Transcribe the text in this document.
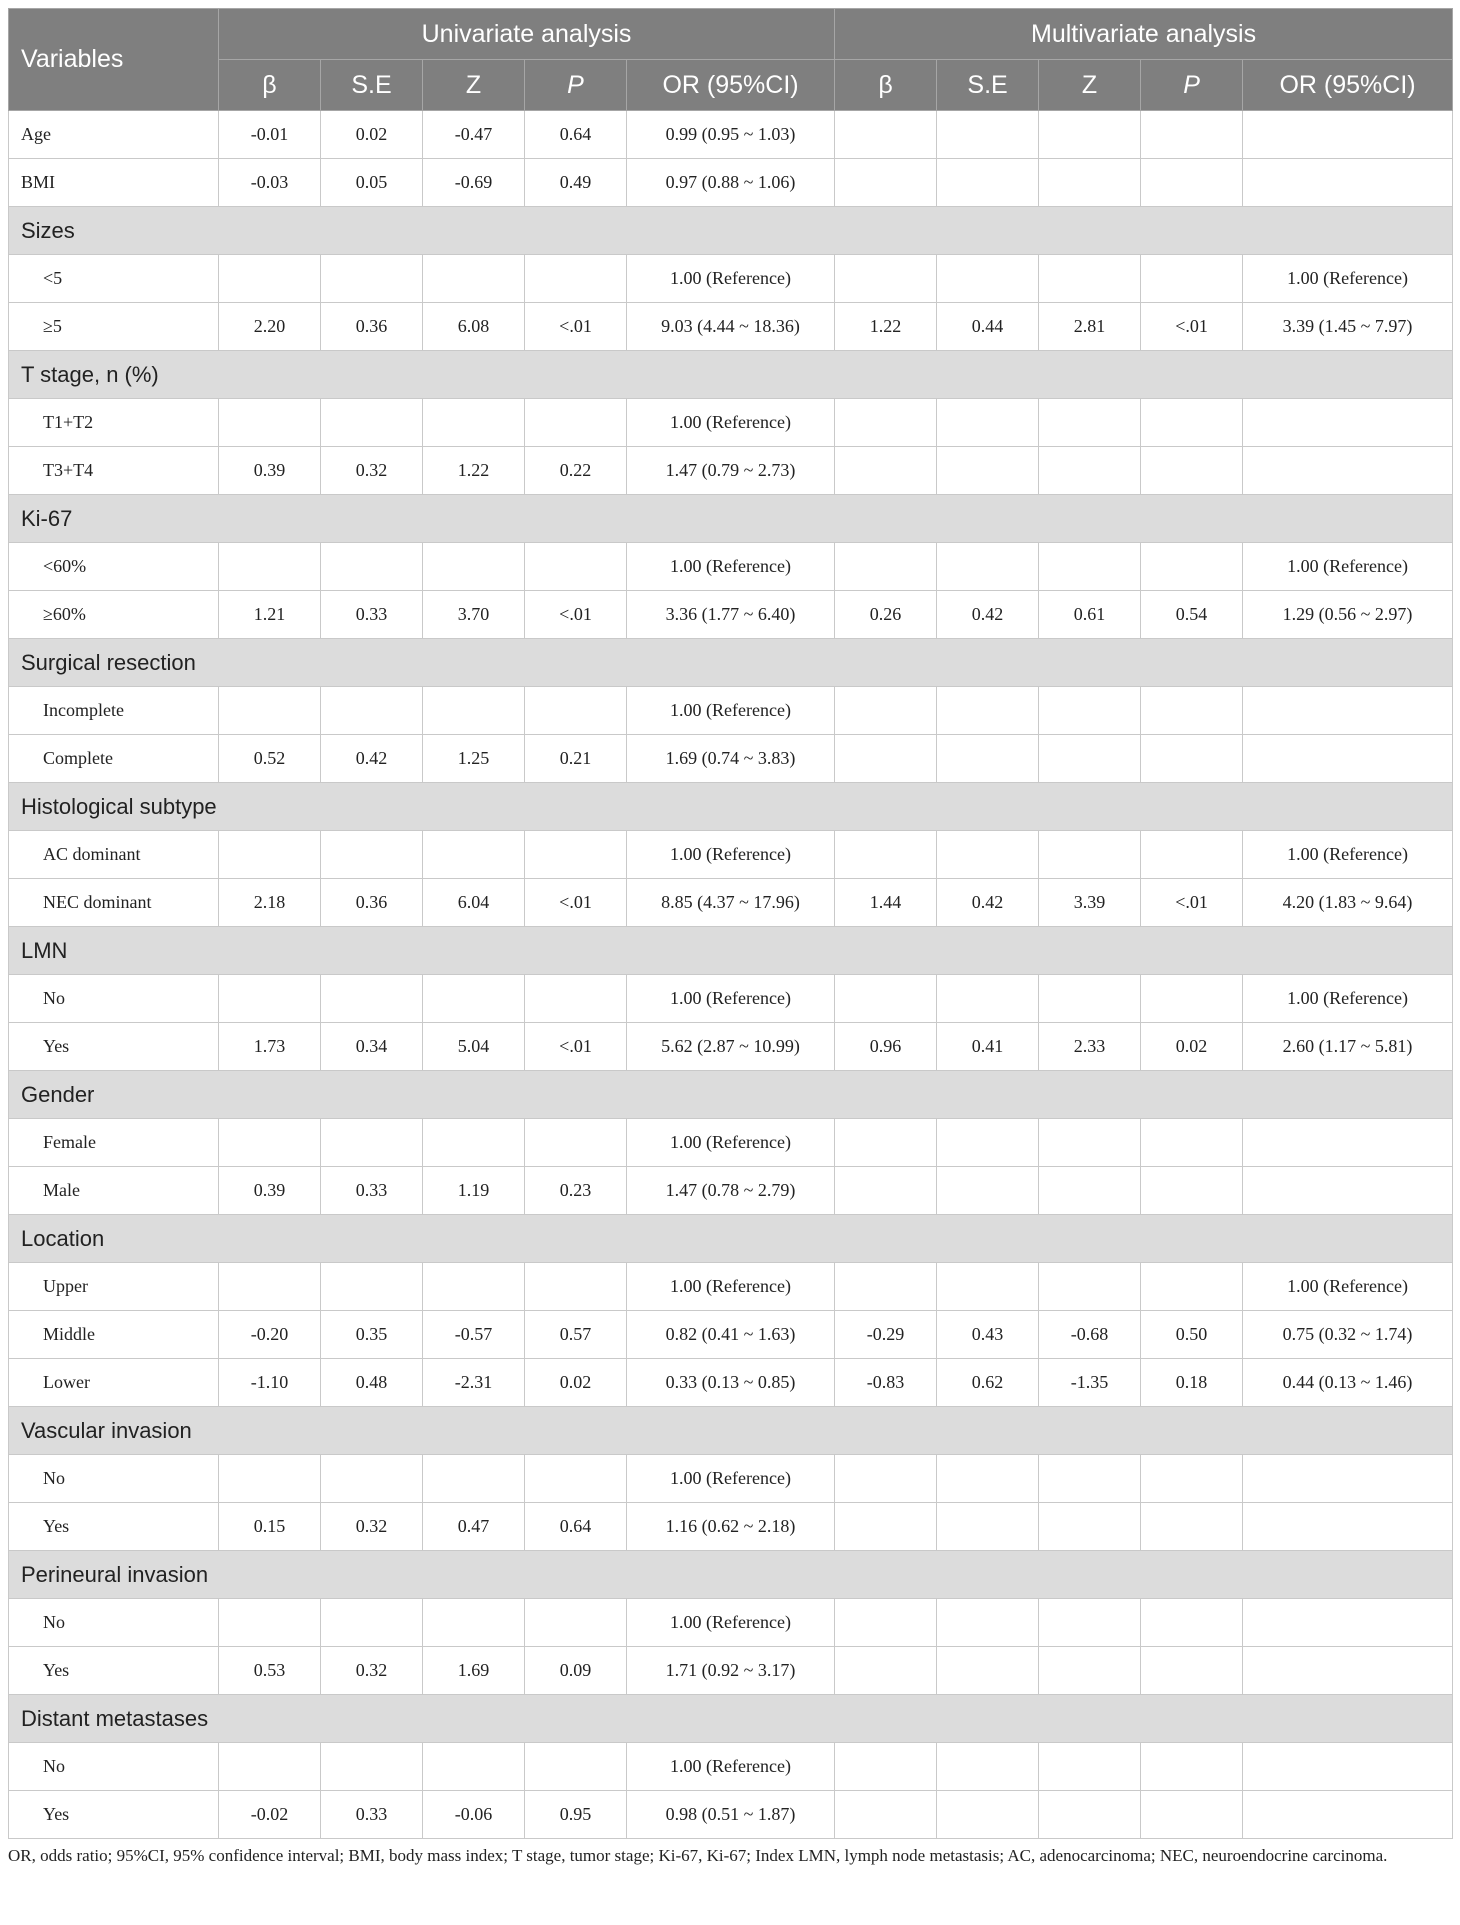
Variables	Univariate analysis					Multivariate analysis				
	β	S.E	Z	P	OR (95%CI)	β	S.E	Z	P	OR (95%CI)
Age	-0.01	0.02	-0.47	0.64	0.99 (0.95 ~ 1.03)					
BMI	-0.03	0.05	-0.69	0.49	0.97 (0.88 ~ 1.06)					
Sizes										
<5					1.00 (Reference)					1.00 (Reference)
≥5	2.20	0.36	6.08	<.01	9.03 (4.44 ~ 18.36)	1.22	0.44	2.81	<.01	3.39 (1.45 ~ 7.97)
T stage, n (%)										
T1+T2					1.00 (Reference)					
T3+T4	0.39	0.32	1.22	0.22	1.47 (0.79 ~ 2.73)					
Ki-67										
<60%					1.00 (Reference)					1.00 (Reference)
≥60%	1.21	0.33	3.70	<.01	3.36 (1.77 ~ 6.40)	0.26	0.42	0.61	0.54	1.29 (0.56 ~ 2.97)
Surgical resection										
Incomplete					1.00 (Reference)					
Complete	0.52	0.42	1.25	0.21	1.69 (0.74 ~ 3.83)					
Histological subtype										
AC dominant					1.00 (Reference)					1.00 (Reference)
NEC dominant	2.18	0.36	6.04	<.01	8.85 (4.37 ~ 17.96)	1.44	0.42	3.39	<.01	4.20 (1.83 ~ 9.64)
LMN										
No					1.00 (Reference)					1.00 (Reference)
Yes	1.73	0.34	5.04	<.01	5.62 (2.87 ~ 10.99)	0.96	0.41	2.33	0.02	2.60 (1.17 ~ 5.81)
Gender										
Female					1.00 (Reference)					
Male	0.39	0.33	1.19	0.23	1.47 (0.78 ~ 2.79)					
Location										
Upper					1.00 (Reference)					1.00 (Reference)
Middle	-0.20	0.35	-0.57	0.57	0.82 (0.41 ~ 1.63)	-0.29	0.43	-0.68	0.50	0.75 (0.32 ~ 1.74)
Lower	-1.10	0.48	-2.31	0.02	0.33 (0.13 ~ 0.85)	-0.83	0.62	-1.35	0.18	0.44 (0.13 ~ 1.46)
Vascular invasion										
No					1.00 (Reference)					
Yes	0.15	0.32	0.47	0.64	1.16 (0.62 ~ 2.18)					
Perineural invasion										
No					1.00 (Reference)					
Yes	0.53	0.32	1.69	0.09	1.71 (0.92 ~ 3.17)					
Distant metastases										
No					1.00 (Reference)					
Yes	-0.02	0.33	-0.06	0.95	0.98 (0.51 ~ 1.87)					
OR, odds ratio; 95%CI, 95% confidence interval; BMI, body mass index; T stage, tumor stage; Ki-67, Ki-67; Index LMN, lymph node metastasis; AC, adenocarcinoma; NEC, neuroendocrine carcinoma.
